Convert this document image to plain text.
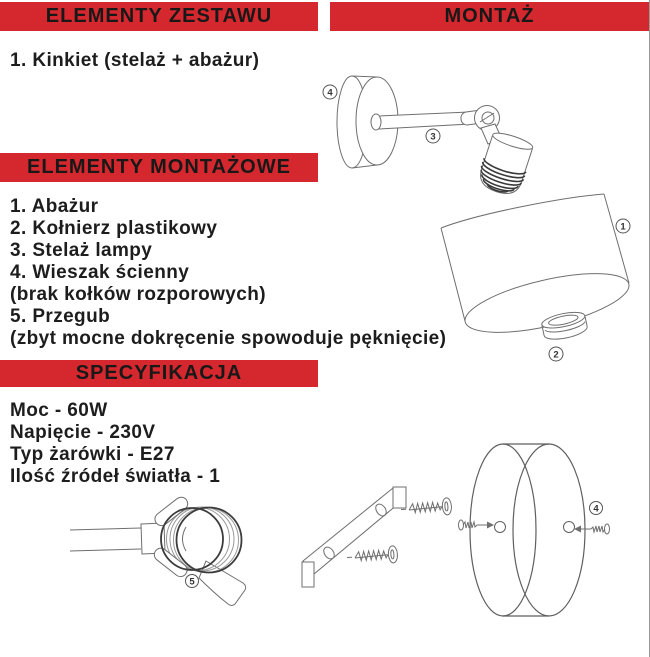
ELEMENTY ZESTAWU	MONTAŻ
ELEMENTY MONTAŻOWE
SPECYFIKACJA
1. Kinkiet (stelaż + abażur)
1. Abażur
2. Kołnierz plastikowy
3. Stelaż lampy
4. Wieszak ścienny
(brak kołków rozporowych)
5. Przegub
(zbyt mocne dokręcenie spowoduje pęknięcie)
Moc - 60W
Napięcie - 230V
Typ żarówki - E27
Ilość źródeł światła - 1
4
3
1
2
5
4
